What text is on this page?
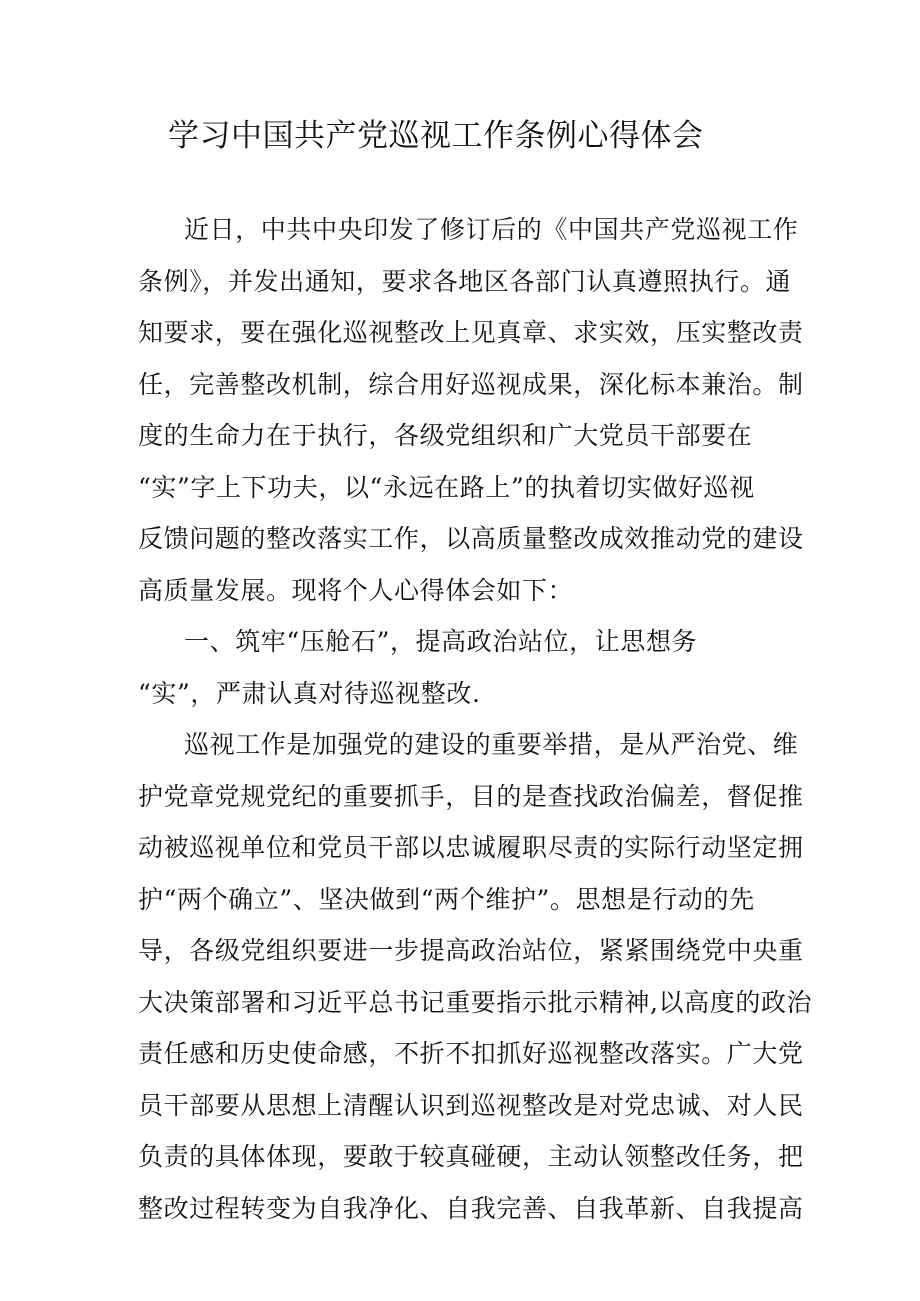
学习中国共产党巡视工作条例心得体会
近日，中共中央印发了修订后的《中国共产党巡视工作
条例》，并发出通知，要求各地区各部门认真遵照执行。通
知要求，要在强化巡视整改上见真章、求实效，压实整改责
任，完善整改机制，综合用好巡视成果，深化标本兼治。制
度的生命力在于执行，各级党组织和广大党员干部要在
“实”字上下功夫，以“永远在路上”的执着切实做好巡视
反馈问题的整改落实工作，以高质量整改成效推动党的建设
高质量发展。现将个人心得体会如下：
一、筑牢“压舱石”，提高政治站位，让思想务
“实”，严肃认真对待巡视整改.
巡视工作是加强党的建设的重要举措，是从严治党、维
护党章党规党纪的重要抓手，目的是查找政治偏差，督促推
动被巡视单位和党员干部以忠诚履职尽责的实际行动坚定拥
护“两个确立”、坚决做到“两个维护”。思想是行动的先
导，各级党组织要进一步提高政治站位，紧紧围绕党中央重
大决策部署和习近平总书记重要指示批示精神,以高度的政治
责任感和历史使命感，不折不扣抓好巡视整改落实。广大党
员干部要从思想上清醒认识到巡视整改是对党忠诚、对人民
负责的具体体现，要敢于较真碰硬，主动认领整改任务，把
整改过程转变为自我净化、自我完善、自我革新、自我提高
